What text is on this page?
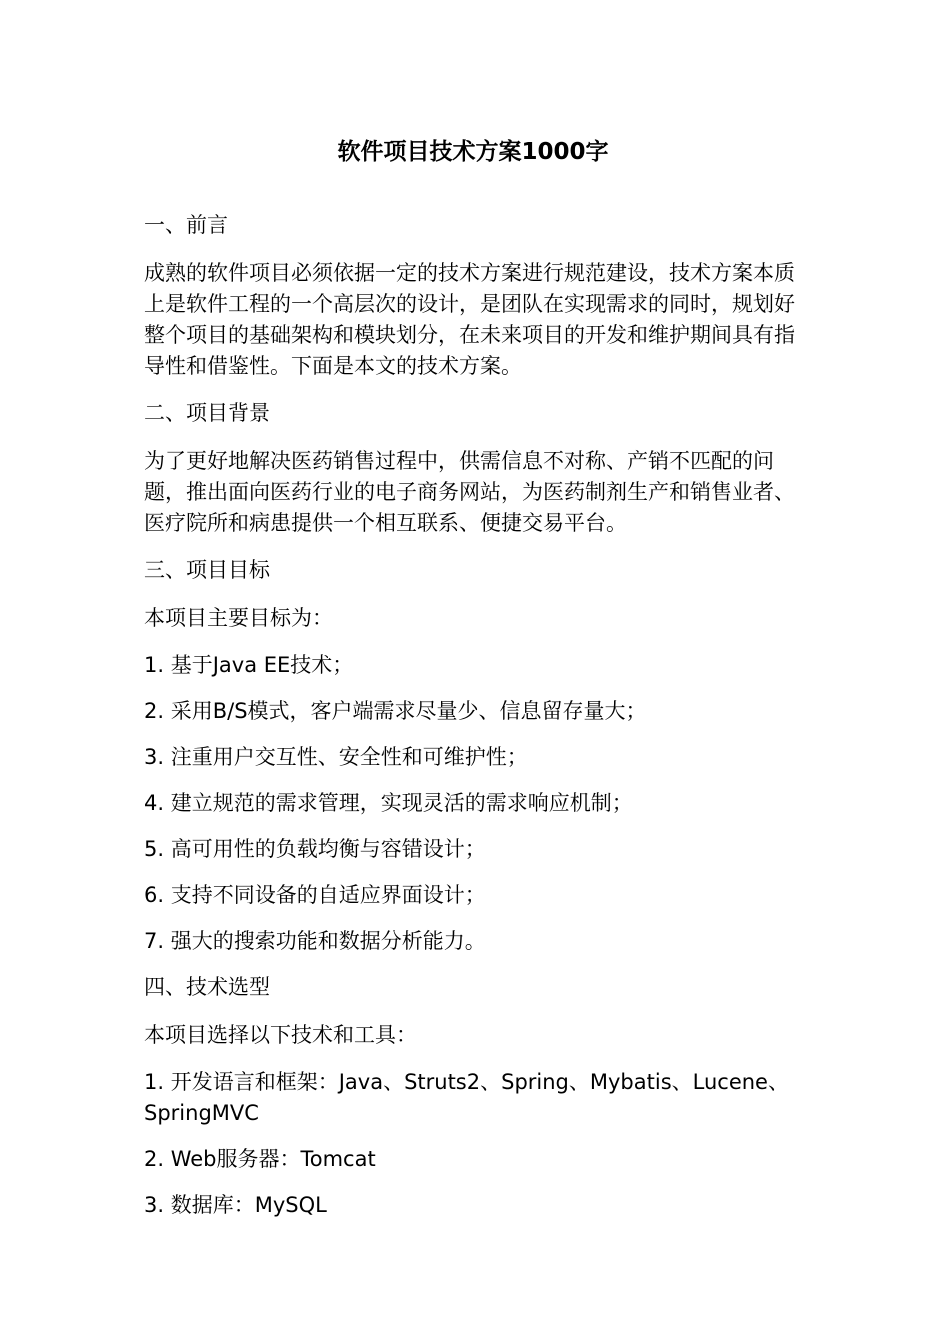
软件项目技术方案1000字
一、前言

成熟的软件项目必须依据一定的技术方案进行规范建设，技术方案本质上是软件工程的一个高层次的设计，是团队在实现需求的同时，规划好整个项目的基础架构和模块划分，在未来项目的开发和维护期间具有指导性和借鉴性。下面是本文的技术方案。

二、项目背景

为了更好地解决医药销售过程中，供需信息不对称、产销不匹配的问题，推出面向医药行业的电子商务网站，为医药制剂生产和销售业者、医疗院所和病患提供一个相互联系、便捷交易平台。

三、项目目标

本项目主要目标为：

1. 基于Java EE技术；

2. 采用B/S模式，客户端需求尽量少、信息留存量大；

3. 注重用户交互性、安全性和可维护性；

4. 建立规范的需求管理，实现灵活的需求响应机制；

5. 高可用性的负载均衡与容错设计；

6. 支持不同设备的自适应界面设计；

7. 强大的搜索功能和数据分析能力。

四、技术选型

本项目选择以下技术和工具：

1. 开发语言和框架：Java、Struts2、Spring、Mybatis、Lucene、SpringMVC

2. Web服务器：Tomcat

3. 数据库：MySQL
